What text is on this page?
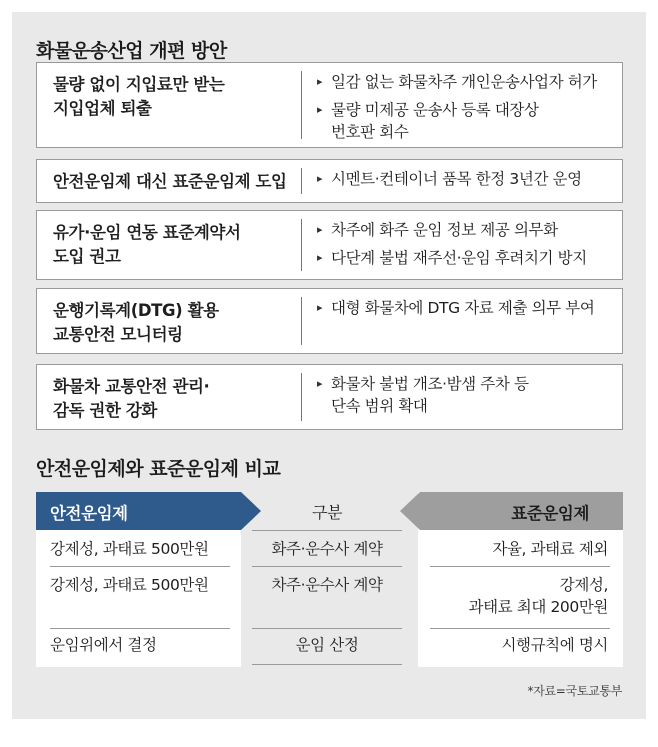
화물운송산업 개편 방안
물량 없이 지입료만 받는
지입업체 퇴출
▸ 일감 없는 화물차주 개인운송사업자 허가
▸ 물량 미제공 운송사 등록 대장상
번호판 회수
안전운임제 대신 표준운임제 도입	▸ 시멘트·컨테이너 품목 한정 3년간 운영
유가·운임 연동 표준계약서
도입 권고
▸ 차주에 화주 운임 정보 제공 의무화
▸ 다단계 불법 재주선·운임 후려치기 방지
운행기록계(DTG) 활용
교통안전 모니터링
▸ 대형 화물차에 DTG 자료 제출 의무 부여
화물차 교통안전 관리·
감독 권한 강화
▸ 화물차 불법 개조·밤샘 주차 등
단속 범위 확대
안전운임제와 표준운임제 비교
안전운임제	표준운임제
구분
강제성, 과태료 500만원
강제성, 과태료 500만원
운임위에서 결정
화주·운수사 계약
차주·운수사 계약
운임 산정
자율, 과태료 제외
강제성,
과태료 최대 200만원
시행규칙에 명시
*자료=국토교통부
